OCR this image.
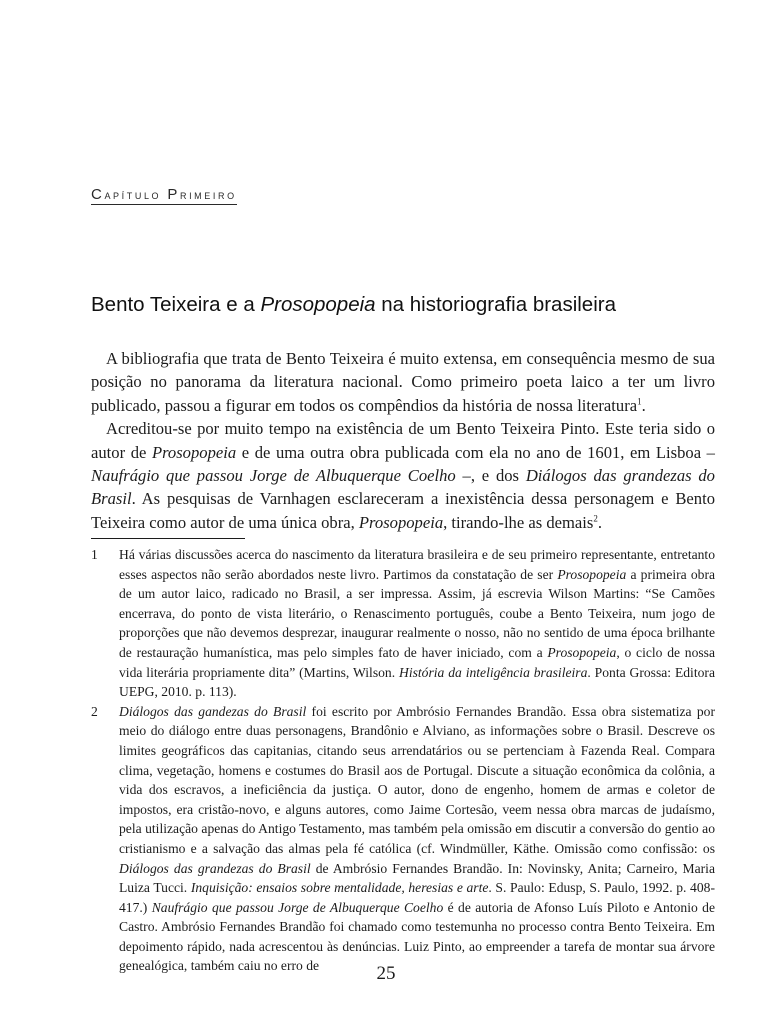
Capítulo Primeiro
Bento Teixeira e a Prosopopeia na historiografia brasileira

A bibliografia que trata de Bento Teixeira é muito extensa, em consequência mesmo de sua posição no panorama da literatura nacional. Como primeiro poeta laico a ter um livro publicado, passou a figurar em todos os compêndios da história de nossa literatura$^1$.

Acreditou-se por muito tempo na existência de um Bento Teixeira Pinto. Este teria sido o autor de Prosopopeia e de uma outra obra publicada com ela no ano de 1601, em Lisboa – Naufrágio que passou Jorge de Albuquerque Coelho –, e dos Diálogos das grandezas do Brasil. As pesquisas de Varnhagen esclareceram a inexistência dessa personagem e Bento Teixeira como autor de uma única obra, Prosopopeia, tirando-lhe as demais$^2$.

1	Há várias discussões acerca do nascimento da literatura brasileira e de seu primeiro representante, entretanto esses aspectos não serão abordados neste livro. Partimos da constatação de ser Prosopopeia a primeira obra de um autor laico, radicado no Brasil, a ser impressa. Assim, já escrevia Wilson Martins: “Se Camões encerrava, do ponto de vista literário, o Renascimento português, coube a Bento Teixeira, num jogo de proporções que não devemos desprezar, inaugurar realmente o nosso, não no sentido de uma época brilhante de restauração humanística, mas pelo simples fato de haver iniciado, com a Prosopopeia, o ciclo de nossa vida literária propriamente dita” (Martins, Wilson. História da inteligência brasileira. Ponta Grossa: Editora UEPG, 2010. p. 113).
2	Diálogos das gandezas do Brasil foi escrito por Ambrósio Fernandes Brandão. Essa obra sistematiza por meio do diálogo entre duas personagens, Brandônio e Alviano, as informações sobre o Brasil. Descreve os limites geográficos das capitanias, citando seus arrendatários ou se pertenciam à Fazenda Real. Compara clima, vegetação, homens e costumes do Brasil aos de Portugal. Discute a situação econômica da colônia, a vida dos escravos, a ineficiência da justiça. O autor, dono de engenho, homem de armas e coletor de impostos, era cristão-novo, e alguns autores, como Jaime Cortesão, veem nessa obra marcas de judaísmo, pela utilização apenas do Antigo Testamento, mas também pela omissão em discutir a conversão do gentio ao cristianismo e a salvação das almas pela fé católica (cf. Windmüller, Käthe. Omissão como confissão: os Diálogos das grandezas do Brasil de Ambrósio Fernandes Brandão. In: Novinsky, Anita; Carneiro, Maria Luiza Tucci. Inquisição: ensaios sobre mentalidade, heresias e arte. S. Paulo: Edusp, S. Paulo, 1992. p. 408-417.) Naufrágio que passou Jorge de Albuquerque Coelho é de autoria de Afonso Luís Piloto e Antonio de Castro. Ambrósio Fernandes Brandão foi chamado como testemunha no processo contra Bento Teixeira. Em depoimento rápido, nada acrescentou às denúncias. Luiz Pinto, ao empreender a tarefa de montar sua árvore genealógica, também caiu no erro de	25
